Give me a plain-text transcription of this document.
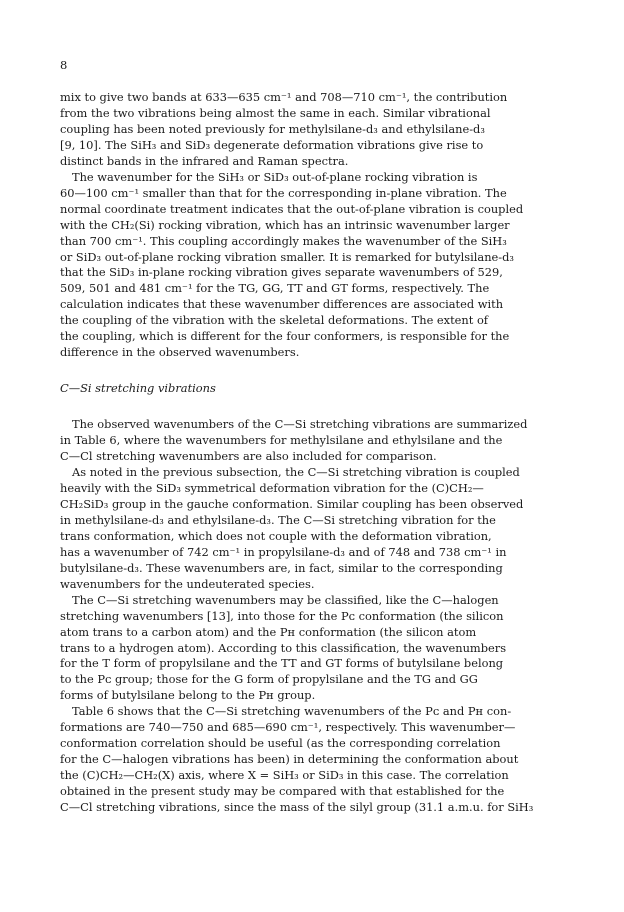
8
mix to give two bands at 633—635 cm⁻¹ and 708—710 cm⁻¹, the contribution
from the two vibrations being almost the same in each. Similar vibrational
coupling has been noted previously for methylsilane-d₃ and ethylsilane-d₃
[9, 10]. The SiH₃ and SiD₃ degenerate deformation vibrations give rise to
distinct bands in the infrared and Raman spectra.
The wavenumber for the SiH₃ or SiD₃ out-of-plane rocking vibration is
60—100 cm⁻¹ smaller than that for the corresponding in-plane vibration. The
normal coordinate treatment indicates that the out-of-plane vibration is coupled
with the CH₂(Si) rocking vibration, which has an intrinsic wavenumber larger
than 700 cm⁻¹. This coupling accordingly makes the wavenumber of the SiH₃
or SiD₃ out-of-plane rocking vibration smaller. It is remarked for butylsilane-d₃
that the SiD₃ in-plane rocking vibration gives separate wavenumbers of 529,
509, 501 and 481 cm⁻¹ for the TG, GG, TT and GT forms, respectively. The
calculation indicates that these wavenumber differences are associated with
the coupling of the vibration with the skeletal deformations. The extent of
the coupling, which is different for the four conformers, is responsible for the
difference in the observed wavenumbers.
C—Si stretching vibrations
The observed wavenumbers of the C—Si stretching vibrations are summarized
in Table 6, where the wavenumbers for methylsilane and ethylsilane and the
C—Cl stretching wavenumbers are also included for comparison.
As noted in the previous subsection, the C—Si stretching vibration is coupled
heavily with the SiD₃ symmetrical deformation vibration for the (C)CH₂—
CH₂SiD₃ group in the gauche conformation. Similar coupling has been observed
in methylsilane-d₃ and ethylsilane-d₃. The C—Si stretching vibration for the
trans conformation, which does not couple with the deformation vibration,
has a wavenumber of 742 cm⁻¹ in propylsilane-d₃ and of 748 and 738 cm⁻¹ in
butylsilane-d₃. These wavenumbers are, in fact, similar to the corresponding
wavenumbers for the undeuterated species.
The C—Si stretching wavenumbers may be classified, like the C—halogen
stretching wavenumbers [13], into those for the Pᴄ conformation (the silicon
atom trans to a carbon atom) and the Pʜ conformation (the silicon atom
trans to a hydrogen atom). According to this classification, the wavenumbers
for the T form of propylsilane and the TT and GT forms of butylsilane belong
to the Pᴄ group; those for the G form of propylsilane and the TG and GG
forms of butylsilane belong to the Pʜ group.
Table 6 shows that the C—Si stretching wavenumbers of the Pᴄ and Pʜ con-
formations are 740—750 and 685—690 cm⁻¹, respectively. This wavenumber—
conformation correlation should be useful (as the corresponding correlation
for the C—halogen vibrations has been) in determining the conformation about
the (C)CH₂—CH₂(X) axis, where X = SiH₃ or SiD₃ in this case. The correlation
obtained in the present study may be compared with that established for the
C—Cl stretching vibrations, since the mass of the silyl group (31.1 a.m.u. for SiH₃
